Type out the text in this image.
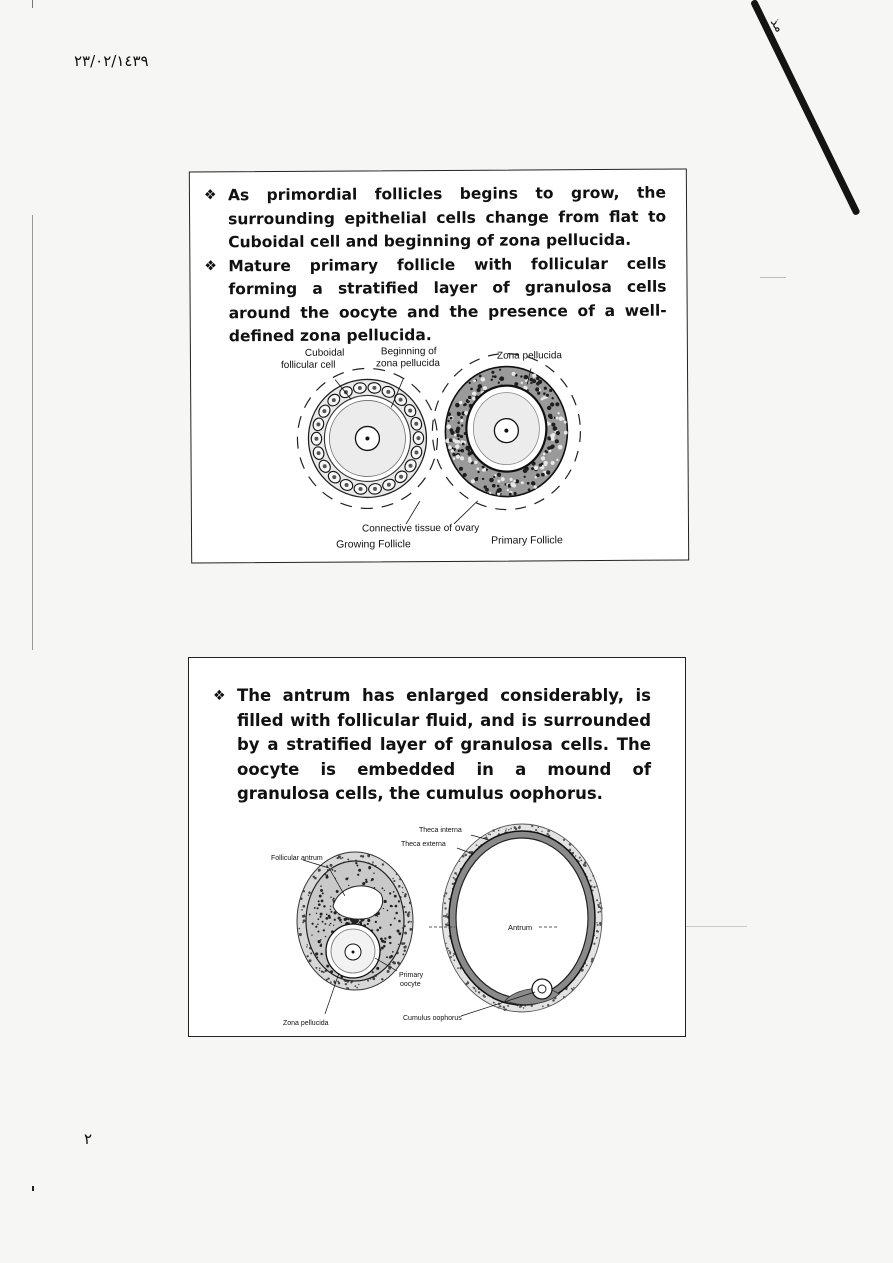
٢٣/٠٢/١٤٣٩
ﻣﺬ
❖ As primordial follicles begins to grow, the surrounding epithelial cells change from flat to Cuboidal cell and beginning of zona pellucida.
❖ Mature primary follicle with follicular cells forming a stratified layer of granulosa cells around the oocyte and the presence of a well-defined zona pellucida.
Cuboidal
follicular cell
Beginning of
zona pellucida
Zona pellucida
Connective tissue of ovary
Growing Follicle	Primary Follicle
❖ The antrum has enlarged considerably, is filled with follicular fluid, and is surrounded by a stratified layer of granulosa cells. The oocyte is embedded in a mound of granulosa cells, the cumulus oophorus.
Theca interna
Theca externa
Follicular antrum
Antrum
Primary
oocyte
Zona pellucida
Cumulus oophorus
٢
